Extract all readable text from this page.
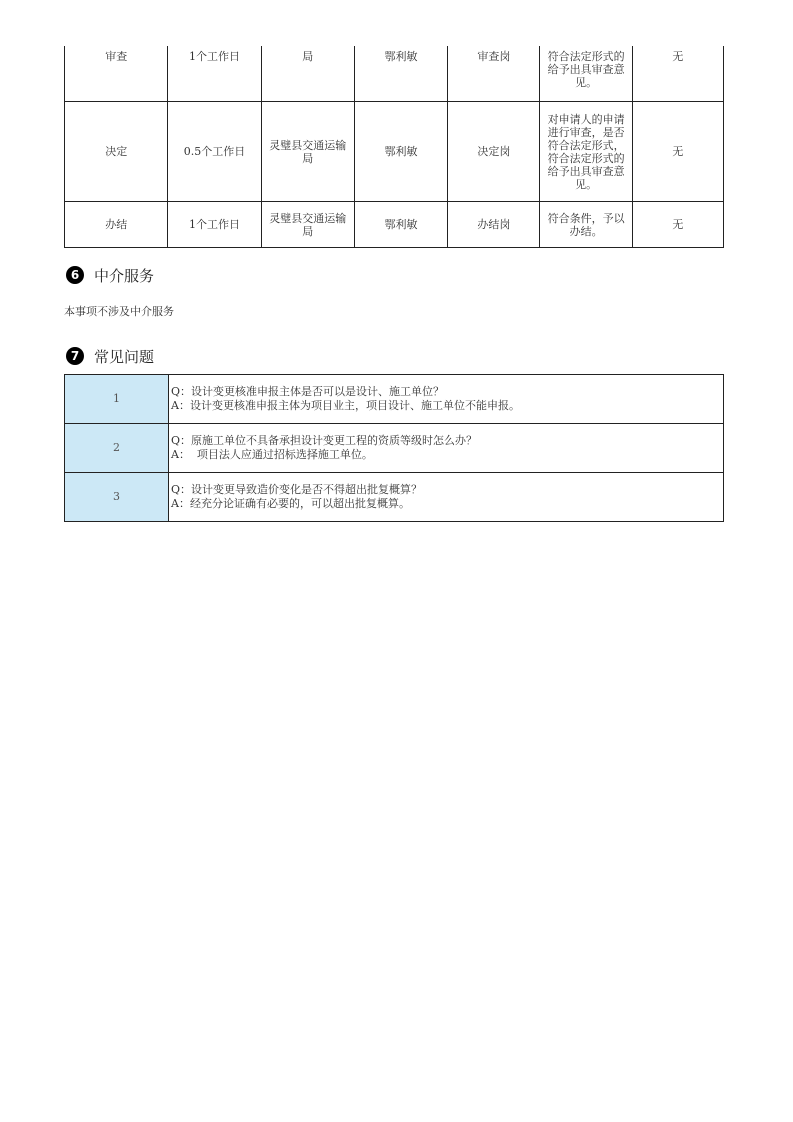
审查	1个工作日	局	鄂利敏	审查岗	符合法定形式的给予出具审查意见。	无
决定	0.5个工作日	灵璧县交通运输局	鄂利敏	决定岗	对申请人的申请进行审查，是否符合法定形式，符合法定形式的给予出具审查意见。	无
办结	1个工作日	灵璧县交通运输局	鄂利敏	办结岗	符合条件，予以办结。	无
6 中介服务
本事项不涉及中介服务
7 常见问题
1	Q：设计变更核准申报主体是否可以是设计、施工单位？
A：设计变更核准申报主体为项目业主，项目设计、施工单位不能申报。

2	Q：原施工单位不具备承担设计变更工程的资质等级时怎么办？
A：  项目法人应通过招标选择施工单位。

3	Q：设计变更导致造价变化是否不得超出批复概算？
A：经充分论证确有必要的，可以超出批复概算。
